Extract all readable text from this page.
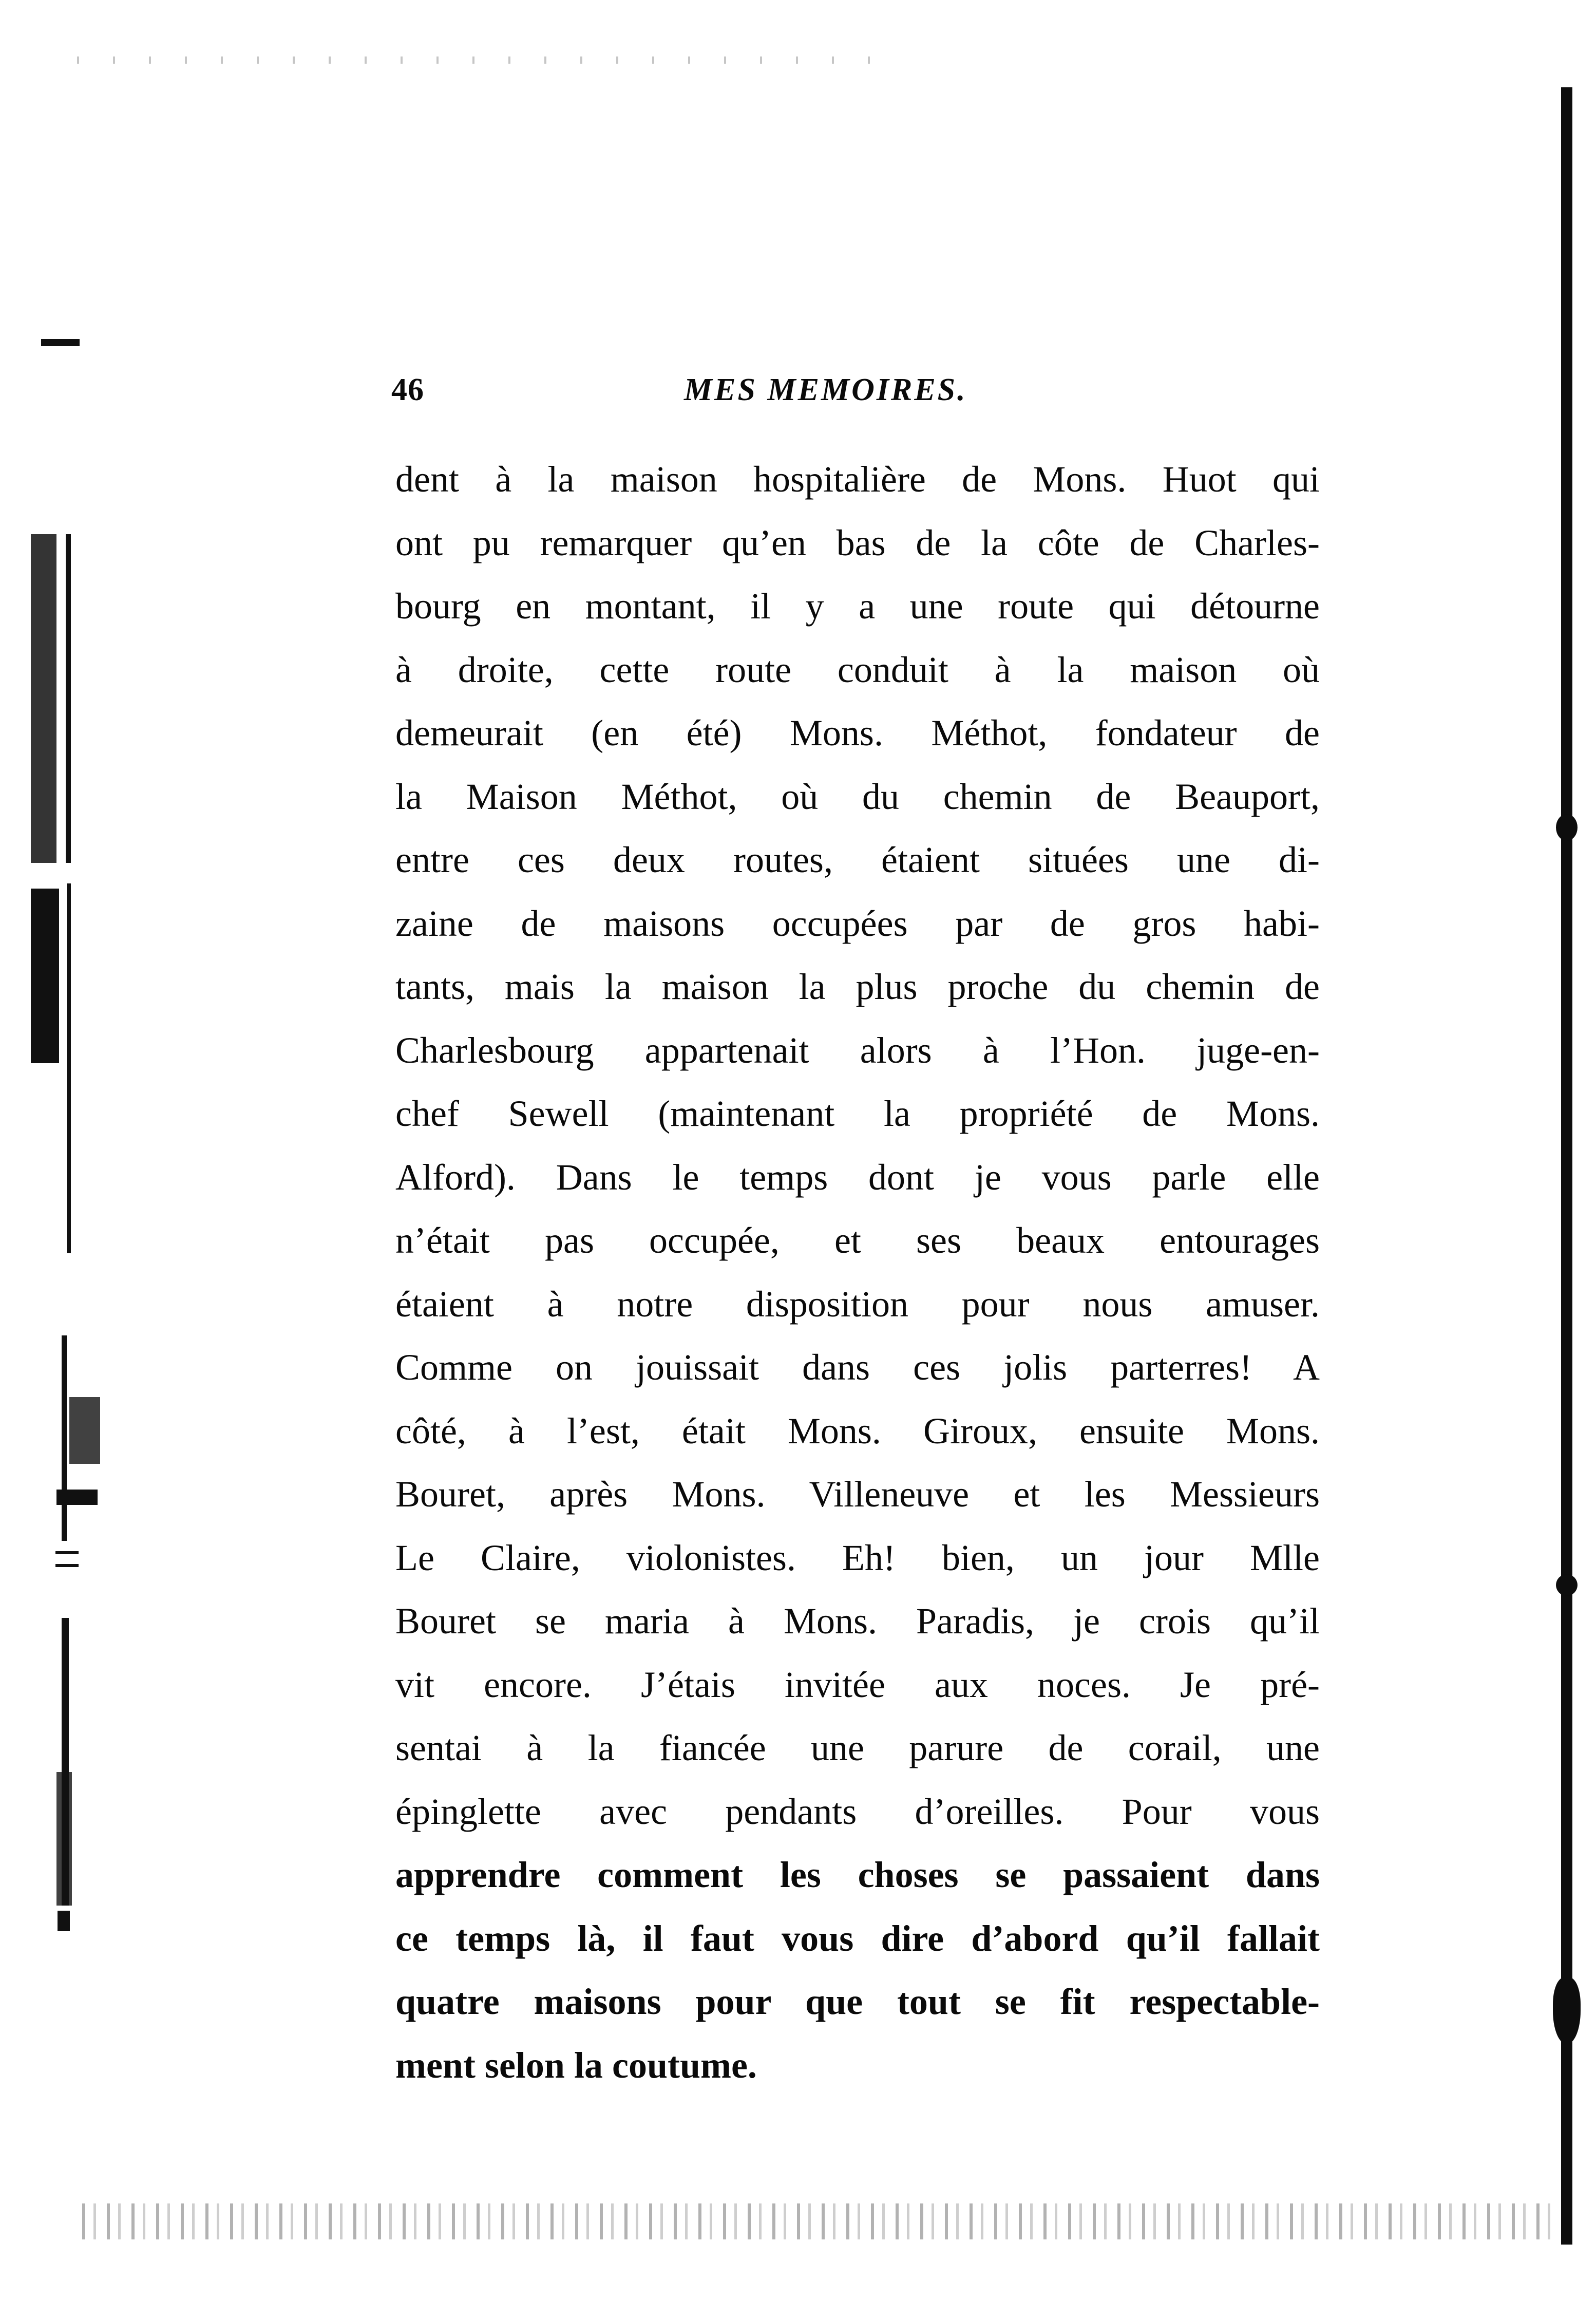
46	MES MEMOIRES.
dent à la maison hospitalière de Mons. Huot qui
ont pu remarquer qu’en bas de la côte de Charles-
bourg en montant, il y a une route qui détourne
à droite, cette route conduit à la maison où
demeurait (en été) Mons. Méthot, fondateur de
la Maison Méthot, où du chemin de Beauport,
entre ces deux routes, étaient situées une di-
zaine de maisons occupées par de gros habi-
tants, mais la maison la plus proche du chemin de
Charlesbourg appartenait alors à l’Hon. juge-en-
chef Sewell (maintenant la propriété de Mons.
Alford). Dans le temps dont je vous parle elle
n’était pas occupée, et ses beaux entourages
étaient à notre disposition pour nous amuser.
Comme on jouissait dans ces jolis parterres! A
côté, à l’est, était Mons. Giroux, ensuite Mons.
Bouret, après Mons. Villeneuve et les Messieurs
Le Claire, violonistes. Eh! bien, un jour Mlle
Bouret se maria à Mons. Paradis, je crois qu’il
vit encore. J’étais invitée aux noces. Je pré-
sentai à la fiancée une parure de corail, une
épinglette avec pendants d’oreilles. Pour vous
apprendre comment les choses se passaient dans
ce temps là, il faut vous dire d’abord qu’il fallait
quatre maisons pour que tout se fit respectable-
ment selon la coutume.
